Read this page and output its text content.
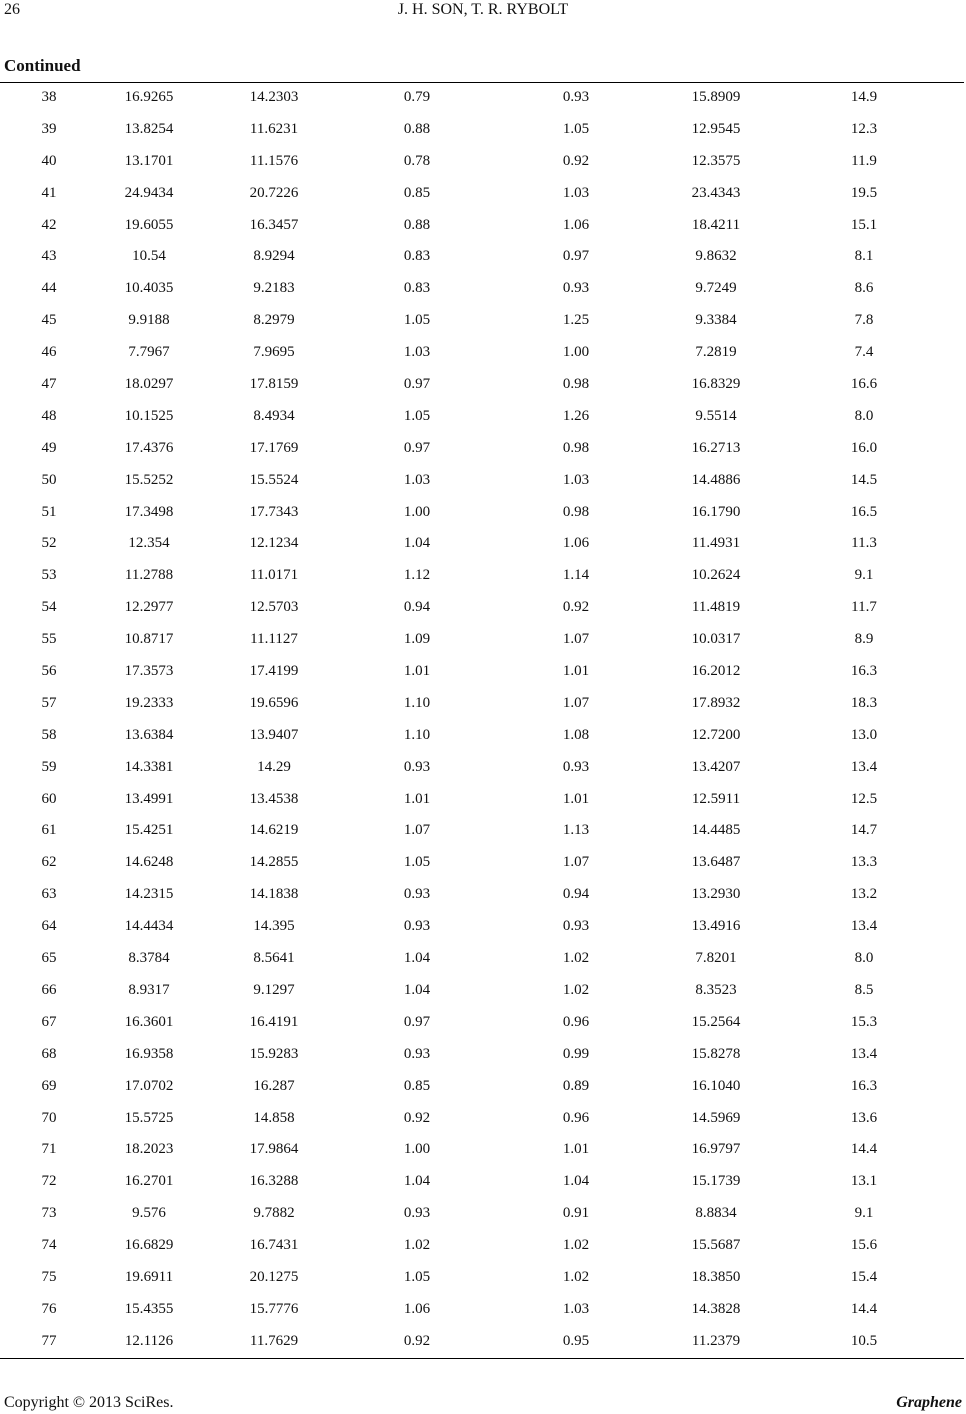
26	J. H. SON, T. R. RYBOLT
Continued
38	16.9265	14.2303	0.79	0.93	15.8909	14.9
39	13.8254	11.6231	0.88	1.05	12.9545	12.3
40	13.1701	11.1576	0.78	0.92	12.3575	11.9
41	24.9434	20.7226	0.85	1.03	23.4343	19.5
42	19.6055	16.3457	0.88	1.06	18.4211	15.1
43	10.54	8.9294	0.83	0.97	9.8632	8.1
44	10.4035	9.2183	0.83	0.93	9.7249	8.6
45	9.9188	8.2979	1.05	1.25	9.3384	7.8
46	7.7967	7.9695	1.03	1.00	7.2819	7.4
47	18.0297	17.8159	0.97	0.98	16.8329	16.6
48	10.1525	8.4934	1.05	1.26	9.5514	8.0
49	17.4376	17.1769	0.97	0.98	16.2713	16.0
50	15.5252	15.5524	1.03	1.03	14.4886	14.5
51	17.3498	17.7343	1.00	0.98	16.1790	16.5
52	12.354	12.1234	1.04	1.06	11.4931	11.3
53	11.2788	11.0171	1.12	1.14	10.2624	9.1
54	12.2977	12.5703	0.94	0.92	11.4819	11.7
55	10.8717	11.1127	1.09	1.07	10.0317	8.9
56	17.3573	17.4199	1.01	1.01	16.2012	16.3
57	19.2333	19.6596	1.10	1.07	17.8932	18.3
58	13.6384	13.9407	1.10	1.08	12.7200	13.0
59	14.3381	14.29	0.93	0.93	13.4207	13.4
60	13.4991	13.4538	1.01	1.01	12.5911	12.5
61	15.4251	14.6219	1.07	1.13	14.4485	14.7
62	14.6248	14.2855	1.05	1.07	13.6487	13.3
63	14.2315	14.1838	0.93	0.94	13.2930	13.2
64	14.4434	14.395	0.93	0.93	13.4916	13.4
65	8.3784	8.5641	1.04	1.02	7.8201	8.0
66	8.9317	9.1297	1.04	1.02	8.3523	8.5
67	16.3601	16.4191	0.97	0.96	15.2564	15.3
68	16.9358	15.9283	0.93	0.99	15.8278	13.4
69	17.0702	16.287	0.85	0.89	16.1040	16.3
70	15.5725	14.858	0.92	0.96	14.5969	13.6
71	18.2023	17.9864	1.00	1.01	16.9797	14.4
72	16.2701	16.3288	1.04	1.04	15.1739	13.1
73	9.576	9.7882	0.93	0.91	8.8834	9.1
74	16.6829	16.7431	1.02	1.02	15.5687	15.6
75	19.6911	20.1275	1.05	1.02	18.3850	15.4
76	15.4355	15.7776	1.06	1.03	14.3828	14.4
77	12.1126	11.7629	0.92	0.95	11.2379	10.5
Copyright © 2013 SciRes.	Graphene
